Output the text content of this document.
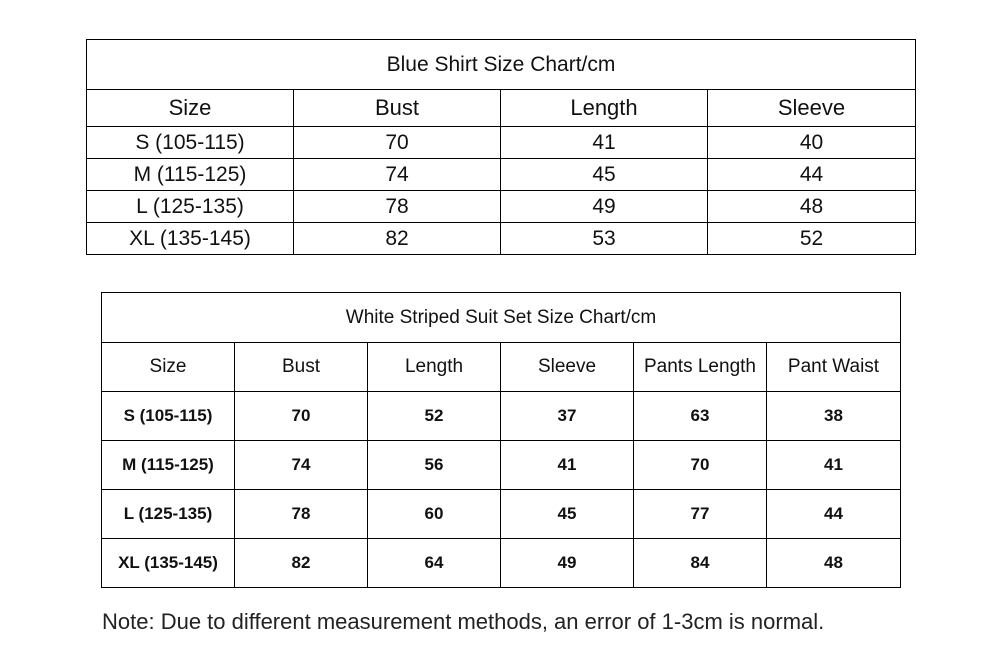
Blue Shirt Size Chart/cm			
Size	Bust	Length	Sleeve
S (105-115)	70	41	40
M (115-125)	74	45	44
L (125-135)	78	49	48
XL (135-145)	82	53	52
White Striped Suit Set Size Chart/cm					
Size	Bust	Length	Sleeve	Pants Length	Pant Waist
S (105-115)	70	52	37	63	38
M (115-125)	74	56	41	70	41
L (125-135)	78	60	45	77	44
XL (135-145)	82	64	49	84	48
Note: Due to different measurement methods, an error of 1-3cm is normal.
